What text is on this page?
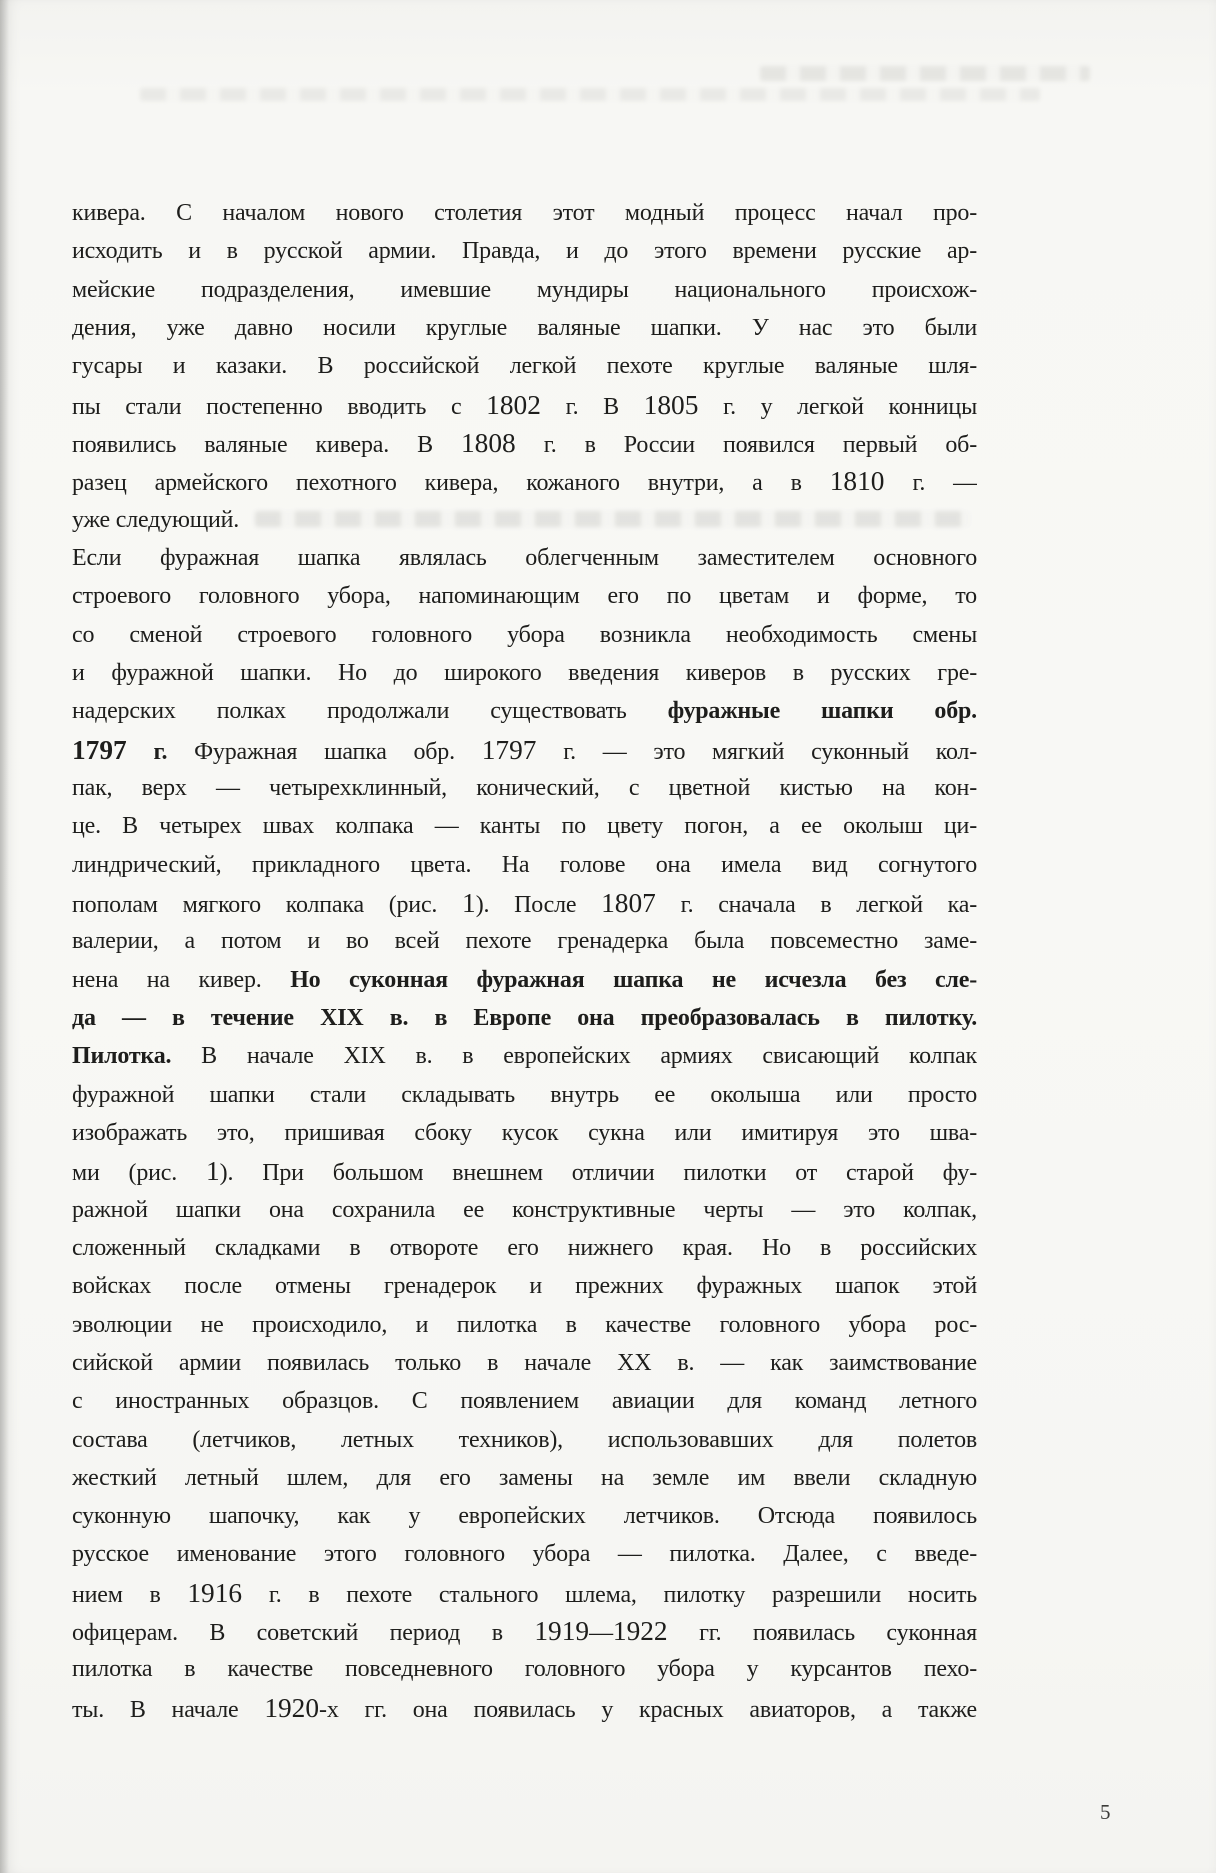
кивера. С началом нового столетия этот модный процесс начал про-
исходить и в русской армии. Правда, и до этого времени русские ар-
мейские подразделения, имевшие мундиры национального происхож-
дения, уже давно носили круглые валяные шапки. У нас это были
гусары и казаки. В российской легкой пехоте круглые валяные шля-
пы стали постепенно вводить с 1802 г. В 1805 г. у легкой конницы
появились валяные кивера. В 1808 г. в России появился первый об-
разец армейского пехотного кивера, кожаного внутри, а в 1810 г. —
уже следующий.
Если фуражная шапка являлась облегченным заместителем основного
строевого головного убора, напоминающим его по цветам и форме, то
со сменой строевого головного убора возникла необходимость смены
и фуражной шапки. Но до широкого введения киверов в русских гре-
надерских полках продолжали существовать фуражные шапки обр.
1797 г. Фуражная шапка обр. 1797 г. — это мягкий суконный кол-
пак, верх — четырехклинный, конический, с цветной кистью на кон-
це. В четырех швах колпака — канты по цвету погон, а ее околыш ци-
линдрический, прикладного цвета. На голове она имела вид согнутого
пополам мягкого колпака (рис. 1). После 1807 г. сначала в легкой ка-
валерии, а потом и во всей пехоте гренадерка была повсеместно заме-
нена на кивер. Но суконная фуражная шапка не исчезла без сле-
да — в течение XIX в. в Европе она преобразовалась в пилотку.
Пилотка. В начале XIX в. в европейских армиях свисающий колпак
фуражной шапки стали складывать внутрь ее околыша или просто
изображать это, пришивая сбоку кусок сукна или имитируя это шва-
ми (рис. 1). При большом внешнем отличии пилотки от старой фу-
ражной шапки она сохранила ее конструктивные черты — это колпак,
сложенный складками в отвороте его нижнего края. Но в российских
войсках после отмены гренадерок и прежних фуражных шапок этой
эволюции не происходило, и пилотка в качестве головного убора рос-
сийской армии появилась только в начале XX в. — как заимствование
с иностранных образцов. С появлением авиации для команд летного
состава (летчиков, летных техников), использовавших для полетов
жесткий летный шлем, для его замены на земле им ввели складную
суконную шапочку, как у европейских летчиков. Отсюда появилось
русское именование этого головного убора — пилотка. Далее, с введе-
нием в 1916 г. в пехоте стального шлема, пилотку разрешили носить
офицерам. В советский период в 1919—1922 гг. появилась суконная
пилотка в качестве повседневного головного убора у курсантов пехо-
ты. В начале 1920-х гг. она появилась у красных авиаторов, а также
5
